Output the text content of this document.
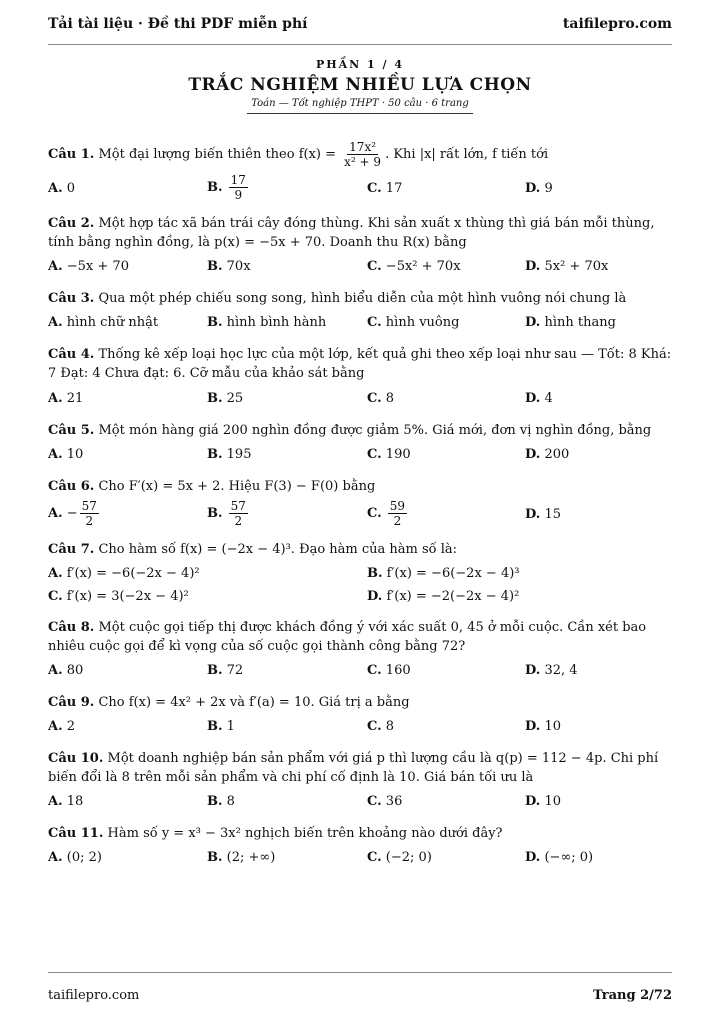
Tải tài liệu · Đề thi PDF miễn phí	taifilepro.com
PHẦN 1 / 4
TRẮC NGHIỆM NHIỀU LỰA CHỌN
Toán — Tốt nghiệp THPT · 50 câu · 6 trang
Câu 1. Một đại lượng biến thiên theo $f(x) = \frac{\text{17x²}}{\text{x² + 9}}$ . Khi |x| rất lớn, f tiến tới
A. 0	B. $\frac{17}{9}$	C. 17	D. 9
Câu 2. Một hợp tác xã bán trái cây đóng thùng. Khi sản xuất x thùng thì giá bán mỗi thùng, tính bằng nghìn đồng, là p(x) = −5x + 70. Doanh thu R(x) bằng
A. −5x + 70	B. 70x	C. −5x² + 70x	D. 5x² + 70x
Câu 3. Qua một phép chiếu song song, hình biểu diễn của một hình vuông nói chung là
A. hình chữ nhật	B. hình bình hành	C. hình vuông	D. hình thang
Câu 4. Thống kê xếp loại học lực của một lớp, kết quả ghi theo xếp loại như sau — Tốt: 8 Khá: 7 Đạt: 4 Chưa đạt: 6. Cỡ mẫu của khảo sát bằng
A. 21	B. 25	C. 8	D. 4
Câu 5. Một món hàng giá 200 nghìn đồng được giảm 5%. Giá mới, đơn vị nghìn đồng, bằng
A. 10	B. 195	C. 190	D. 200
Câu 6. Cho F′(x) = 5x + 2. Hiệu F(3) − F(0) bằng
A. − $\frac{57}{2}$	B. $\frac{57}{2}$	C. $\frac{59}{2}$	D. 15
Câu 7. Cho hàm số f(x) = (−2x − 4)³. Đạo hàm của hàm số là:
A. f′(x) = −6(−2x − 4)²	B. f′(x) = −6(−2x − 4)³
C. f′(x) = 3(−2x − 4)²	D. f′(x) = −2(−2x − 4)²
Câu 8. Một cuộc gọi tiếp thị được khách đồng ý với xác suất 0, 45 ở mỗi cuộc. Cần xét bao nhiêu cuộc gọi để kì vọng của số cuộc gọi thành công bằng 72?
A. 80	B. 72	C. 160	D. 32, 4
Câu 9. Cho f(x) = 4x² + 2x và f′(a) = 10. Giá trị a bằng
A. 2	B. 1	C. 8	D. 10
Câu 10. Một doanh nghiệp bán sản phẩm với giá p thì lượng cầu là q(p) = 112 − 4p. Chi phí biến đổi là 8 trên mỗi sản phẩm và chi phí cố định là 10. Giá bán tối ưu là
A. 18	B. 8	C. 36	D. 10
Câu 11. Hàm số y = x³ − 3x² nghịch biến trên khoảng nào dưới đây?
A. (0; 2)	B. (2; +∞)	C. (−2; 0)	D. (−∞; 0)
taifilepro.com	Trang 2/72
